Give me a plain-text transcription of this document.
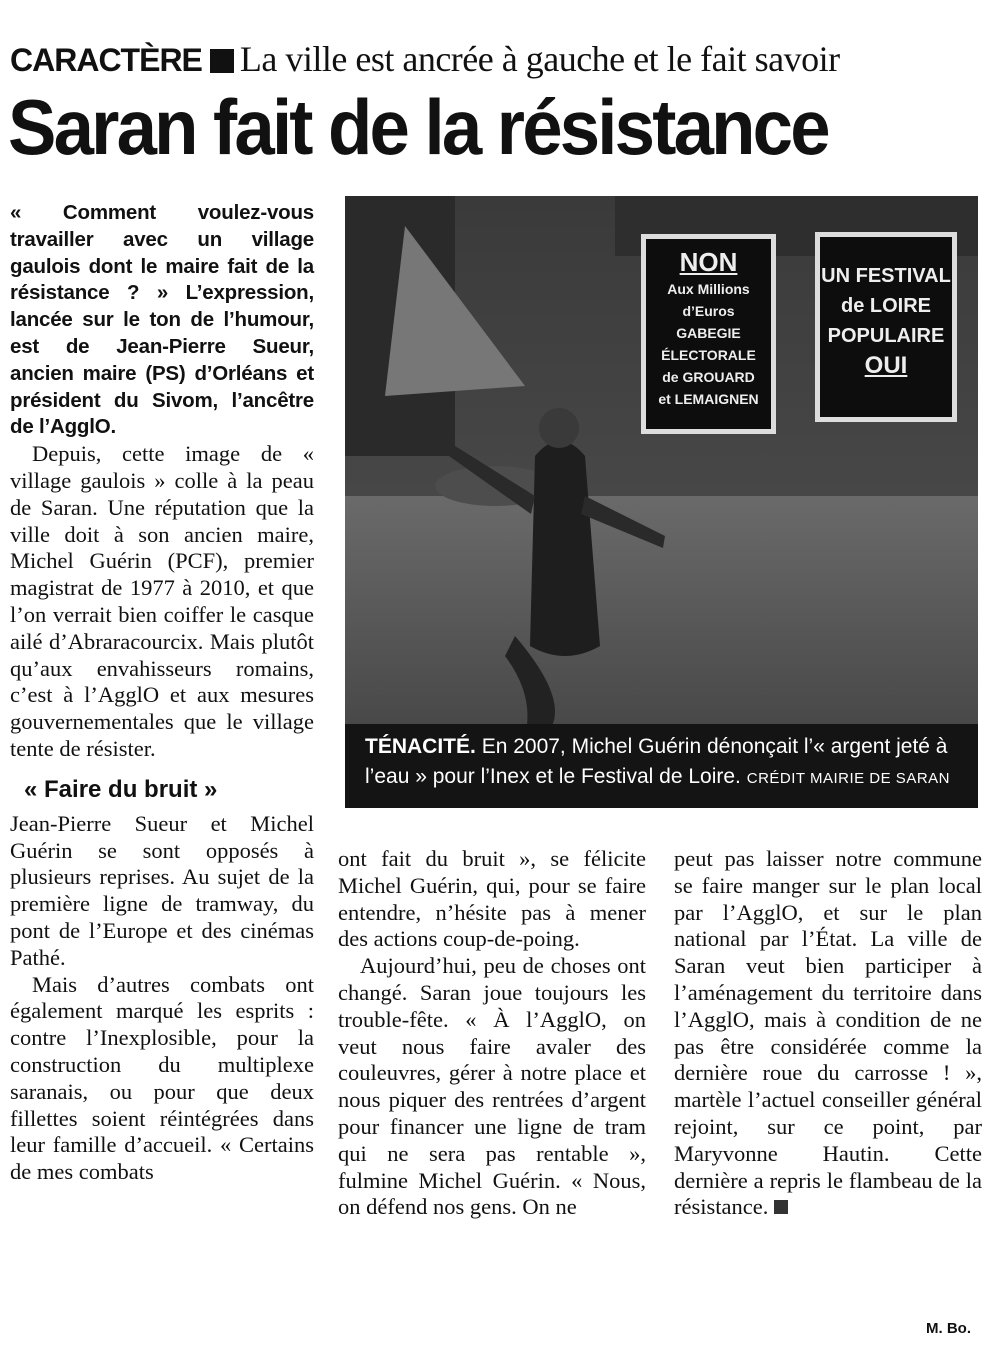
CARACTÈRE La ville est ancrée à gauche et le fait savoir
Saran fait de la résistance

« Comment voulez-vous travailler avec un village gaulois dont le maire fait de la résistance ? » L’expression, lancée sur le ton de l’humour, est de Jean-Pierre Sueur, ancien maire (PS) d’Orléans et président du Sivom, l’ancêtre de l’AgglO.

Depuis, cette image de « village gaulois » colle à la peau de Saran. Une réputation que la ville doit à son ancien maire, Michel Guérin (PCF), premier magistrat de 1977 à 2010, et que l’on verrait bien coiffer le casque ailé d’Abraracourcix. Mais plutôt qu’aux envahisseurs romains, c’est à l’AgglO et aux mesures gouvernementales que le village tente de résister.

« Faire du bruit »

Jean-Pierre Sueur et Michel Guérin se sont opposés à plusieurs reprises. Au sujet de la première ligne de tramway, du pont de l’Europe et des cinémas Pathé.

Mais d’autres combats ont également marqué les esprits : contre l’Inexplosible, pour la construction du multiplexe saranais, ou pour que deux fillettes soient réintégrées dans leur famille d’accueil. « Certains de mes combats

ont fait du bruit », se félicite Michel Guérin, qui, pour se faire entendre, n’hésite pas à mener des actions coup-de-poing.

Aujourd’hui, peu de choses ont changé. Saran joue toujours les trouble-fête. « À l’AgglO, on veut nous faire avaler des couleuvres, gérer à notre place et nous piquer des rentrées d’argent pour financer une ligne de tram qui ne sera pas rentable », fulmine Michel Guérin. « Nous, on défend nos gens. On ne

peut pas laisser notre commune se faire manger sur le plan local par l’AgglO, et sur le plan national par l’État. La ville de Saran veut bien participer à l’aménagement du territoire dans l’AgglO, mais à condition de ne pas être considérée comme la dernière roue du carrosse ! », martèle l’actuel conseiller général rejoint, sur ce point, par Maryvonne Hautin. Cette dernière a repris le flambeau de la résistance.

NON
Aux Millions
d’Euros
GABEGIE
ÉLECTORALE
de GROUARD
et LEMAIGNEN
UN FESTIVAL
de LOIRE
POPULAIRE
OUI
TÉNACITÉ. En 2007, Michel Guérin dénonçait l’« argent jeté à l’eau » pour l’Inex et le Festival de Loire. CRÉDIT MAIRIE DE SARAN
M. Bo.
